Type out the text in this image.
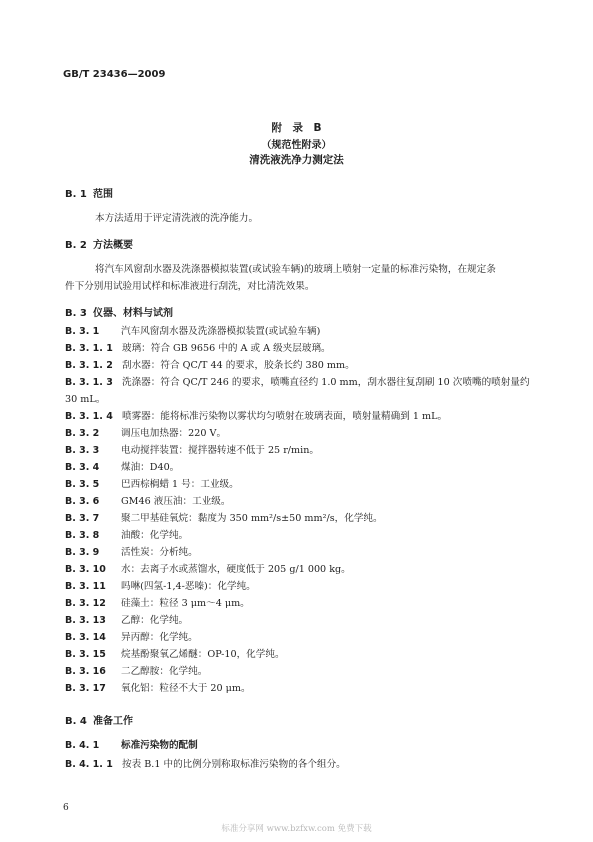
GB/T 23436—2009
附　录　B
（规范性附录）
清洗液洗净力测定法
B. 1 范围
本方法适用于评定清洗液的洗净能力。
B. 2 方法概要
将汽车风窗刮水器及洗涤器模拟装置(或试验车辆)的玻璃上喷射一定量的标准污染物，在规定条
件下分别用试验用试样和标准液进行刮洗，对比清洗效果。
B. 3 仪器、材料与试剂
B. 3. 1 汽车风窗刮水器及洗涤器模拟装置(或试验车辆)
B. 3. 1. 1 玻璃：符合 GB 9656 中的 A 或 A 级夹层玻璃。
B. 3. 1. 2 刮水器：符合 QC/T 44 的要求，胶条长约 380 mm。
B. 3. 1. 3 洗涤器：符合 QC/T 246 的要求，喷嘴直径约 1.0 mm，刮水器往复刮刷 10 次喷嘴的喷射量约
30 mL。
B. 3. 1. 4 喷雾器：能将标准污染物以雾状均匀喷射在玻璃表面，喷射量精确到 1 mL。
B. 3. 2 调压电加热器：220 V。
B. 3. 3 电动搅拌装置：搅拌器转速不低于 25 r/min。
B. 3. 4 煤油：D40。
B. 3. 5 巴西棕榈蜡 1 号：工业级。
B. 3. 6 GM46 液压油：工业级。
B. 3. 7 聚二甲基硅氧烷：黏度为 350 mm²/s±50 mm²/s，化学纯。
B. 3. 8 油酸：化学纯。
B. 3. 9 活性炭：分析纯。
B. 3. 10 水：去离子水或蒸馏水，硬度低于 205 g/1 000 kg。
B. 3. 11 吗啉(四氢-1,4-恶嗪)：化学纯。
B. 3. 12 硅藻土：粒径 3 μm～4 μm。
B. 3. 13 乙醇：化学纯。
B. 3. 14 异丙醇：化学纯。
B. 3. 15 烷基酚聚氧乙烯醚：OP-10，化学纯。
B. 3. 16 二乙醇胺：化学纯。
B. 3. 17 氧化铝：粒径不大于 20 μm。
B. 4 准备工作
B. 4. 1 标准污染物的配制
B. 4. 1. 1 按表 B.1 中的比例分别称取标准污染物的各个组分。
6
标准分享网 www.bzfxw.com 免费下载
